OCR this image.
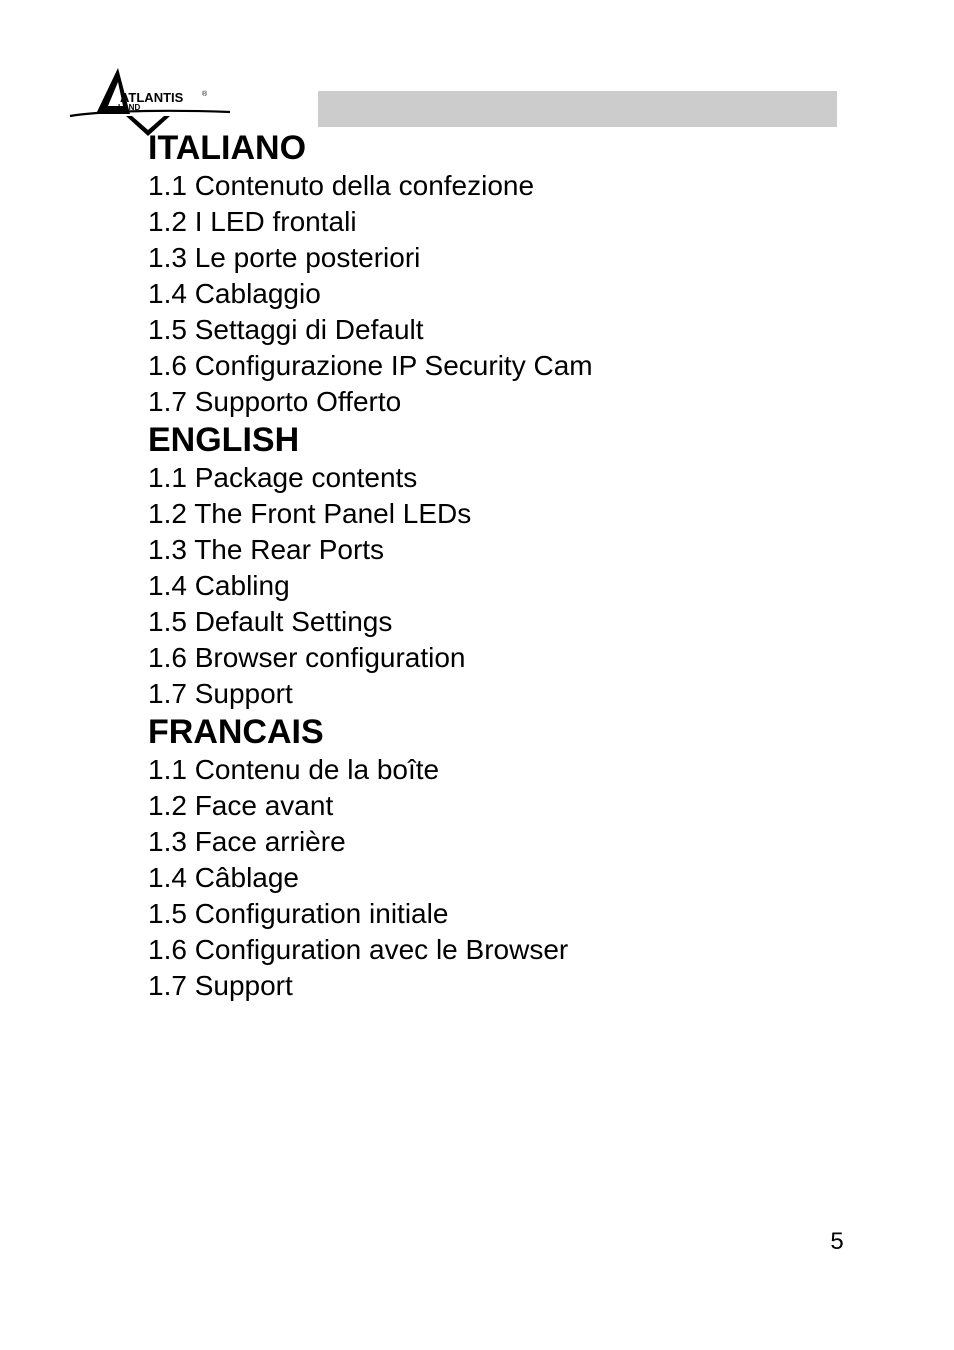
ATLANTIS	®
LAND
ITALIANO
1.1 Contenuto della confezione
1.2 I LED frontali
1.3 Le porte posteriori
1.4 Cablaggio
1.5 Settaggi di Default
1.6 Configurazione IP Security Cam
1.7 Supporto Offerto
ENGLISH
1.1 Package contents
1.2 The Front Panel LEDs
1.3 The Rear Ports
1.4 Cabling
1.5 Default Settings
1.6 Browser configuration
1.7 Support
FRANCAIS
1.1 Contenu de la boîte
1.2 Face avant
1.3 Face arrière
1.4 Câblage
1.5 Configuration initiale
1.6 Configuration avec le Browser
1.7 Support
5
